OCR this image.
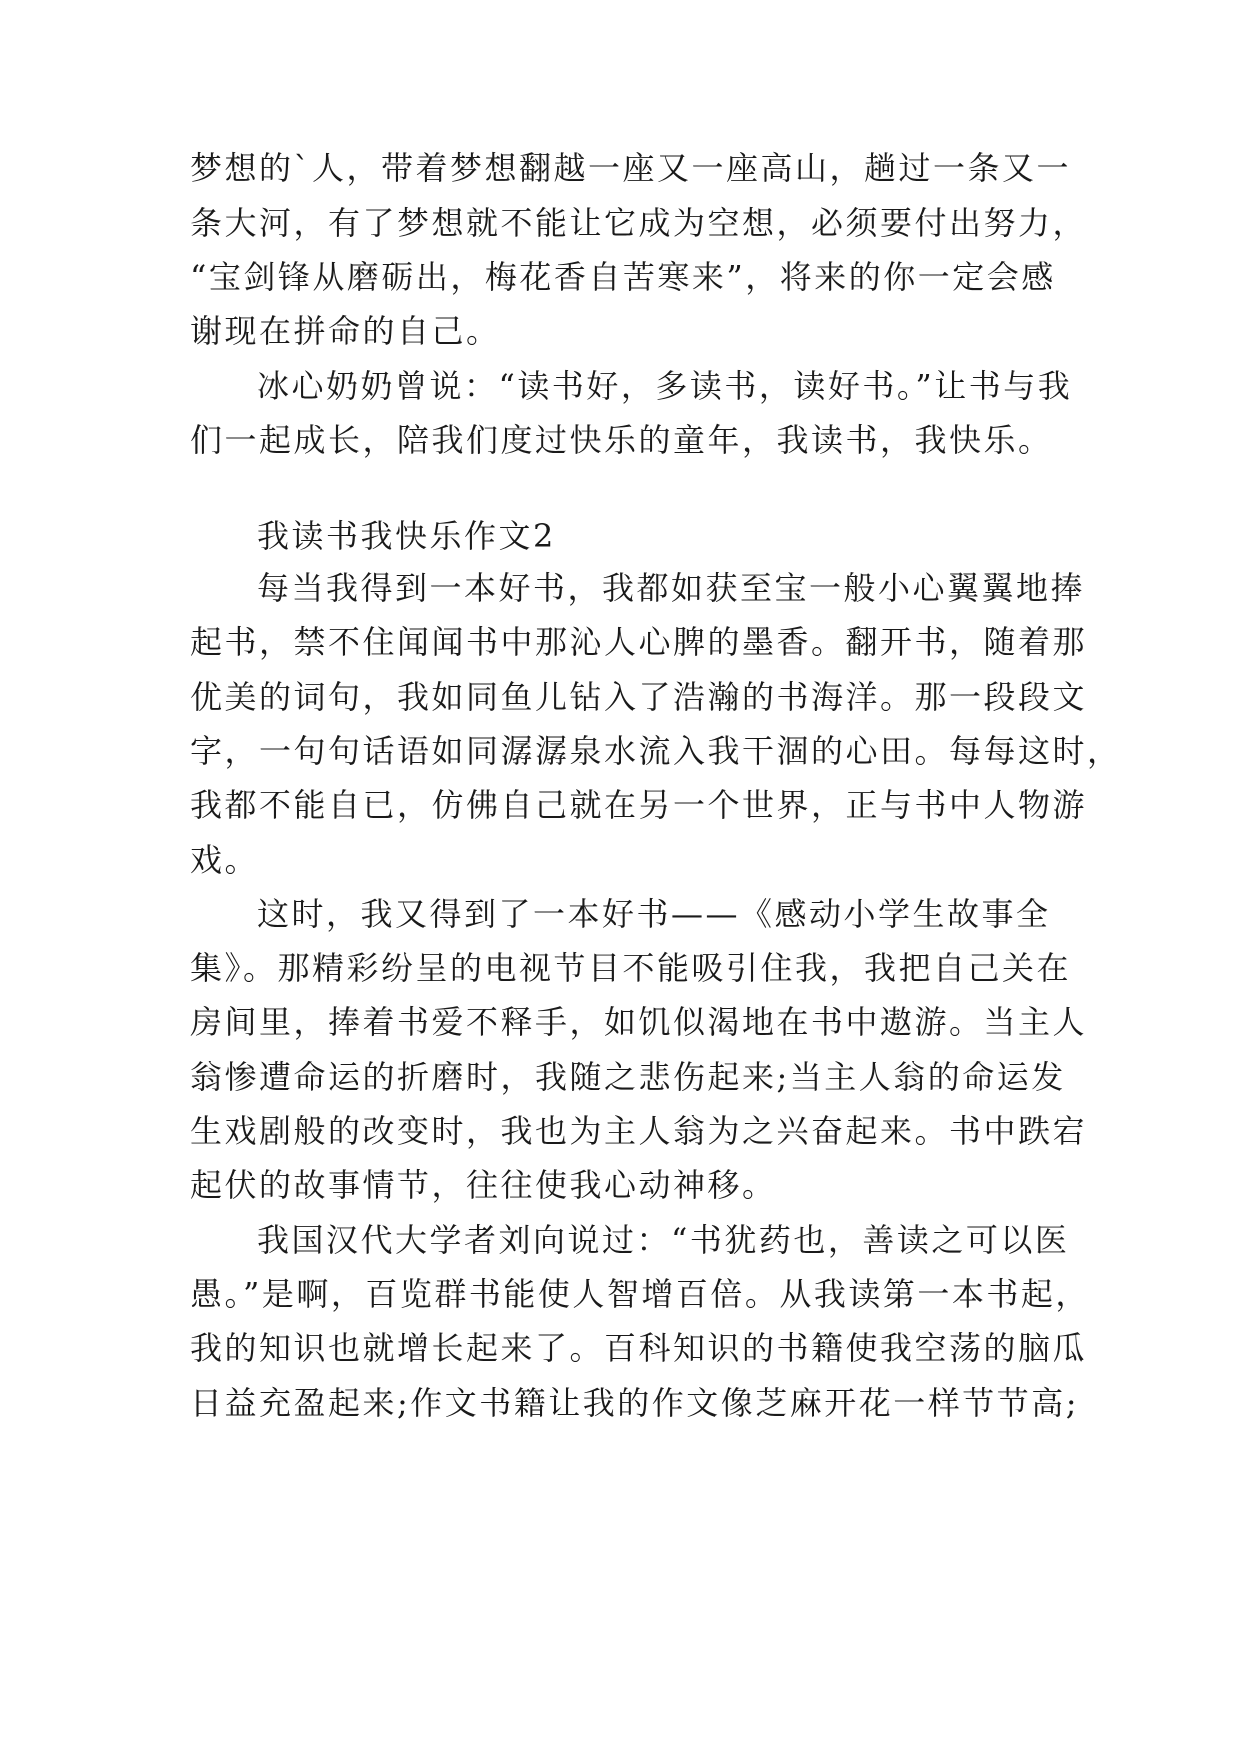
梦想的`人，带着梦想翻越一座又一座高山，趟过一条又一
条大河，有了梦想就不能让它成为空想，必须要付出努力，
“宝剑锋从磨砺出，梅花香自苦寒来”，将来的你一定会感
谢现在拼命的自己。
冰心奶奶曾说：“读书好，多读书，读好书。”让书与我
们一起成长，陪我们度过快乐的童年，我读书，我快乐。
我读书我快乐作文2
每当我得到一本好书，我都如获至宝一般小心翼翼地捧
起书，禁不住闻闻书中那沁人心脾的墨香。翻开书，随着那
优美的词句，我如同鱼儿钻入了浩瀚的书海洋。那一段段文
字，一句句话语如同潺潺泉水流入我干涸的心田。每每这时，
我都不能自已，仿佛自己就在另一个世界，正与书中人物游
戏。
这时，我又得到了一本好书——《感动小学生故事全
集》。那精彩纷呈的电视节目不能吸引住我，我把自己关在
房间里，捧着书爱不释手，如饥似渴地在书中遨游。当主人
翁惨遭命运的折磨时，我随之悲伤起来;当主人翁的命运发
生戏剧般的改变时，我也为主人翁为之兴奋起来。书中跌宕
起伏的故事情节，往往使我心动神移。
我国汉代大学者刘向说过：“书犹药也，善读之可以医
愚。”是啊，百览群书能使人智增百倍。从我读第一本书起，
我的知识也就增长起来了。百科知识的书籍使我空荡的脑瓜
日益充盈起来;作文书籍让我的作文像芝麻开花一样节节高;
